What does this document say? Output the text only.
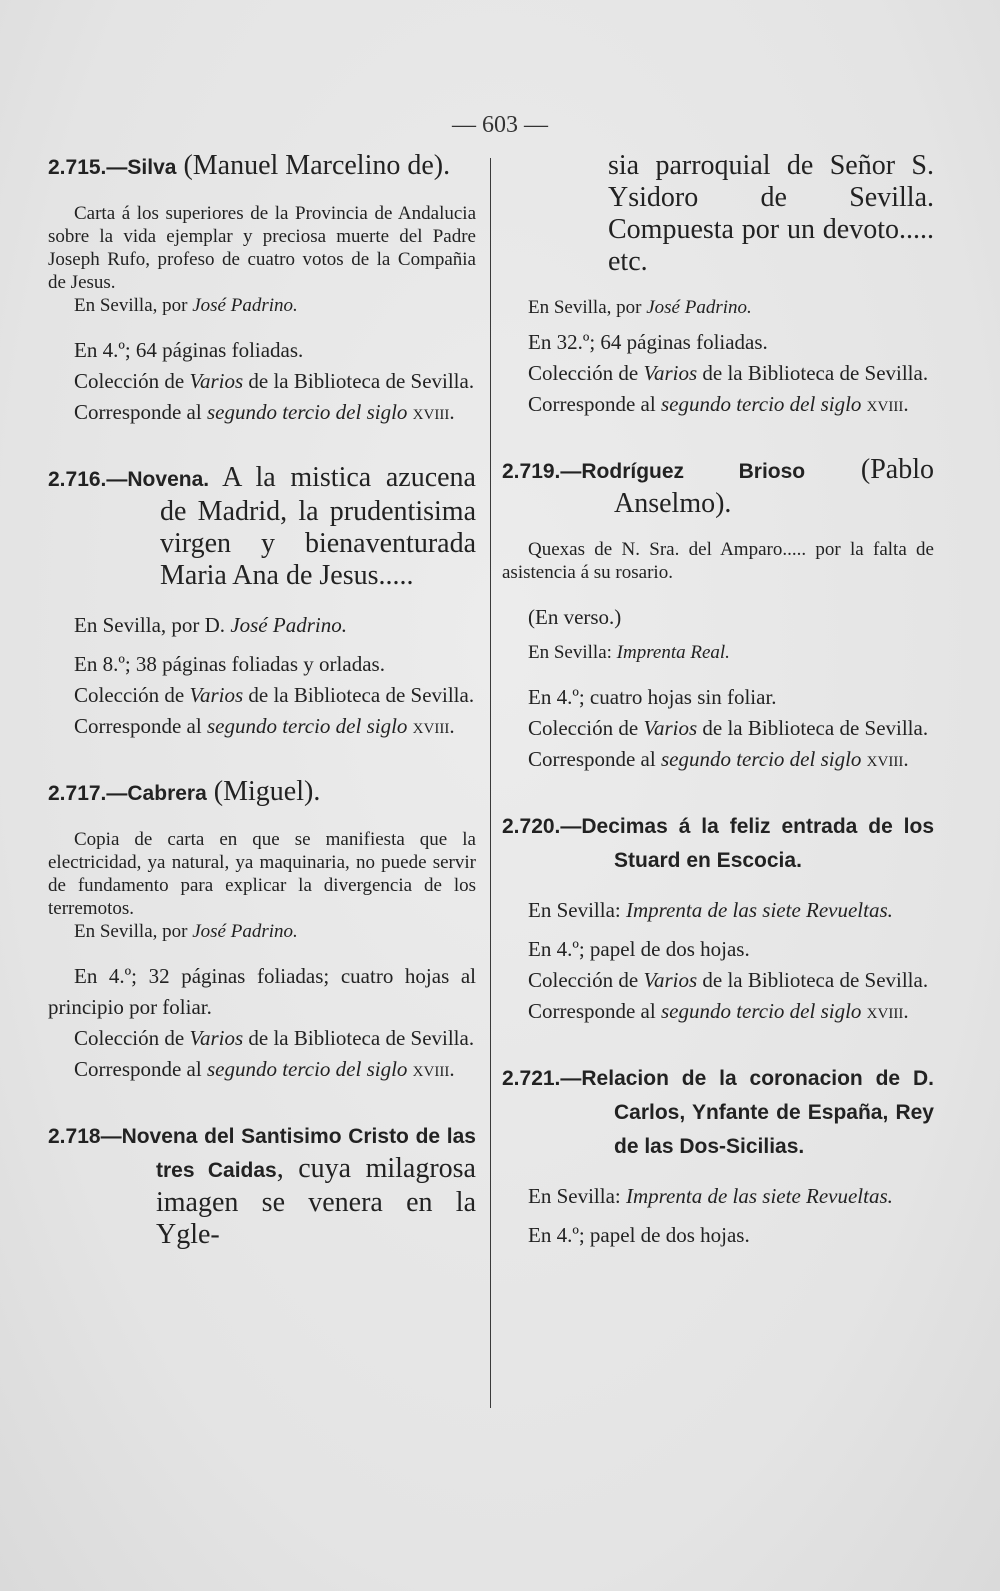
— 603 —

2.715.—Silva (Manuel Marcelino de).

Carta á los superiores de la Provincia de Andalucia sobre la vida ejemplar y preciosa muerte del Padre Joseph Rufo, profeso de cuatro votos de la Compañia de Jesus.

En Sevilla, por José Padrino.

En 4.º; 64 páginas foliadas.

Colección de Varios de la Biblioteca de Sevilla.

Corresponde al segundo tercio del siglo xviii.

2.716.—Novena. A la mistica azucena de Madrid, la prudentisima virgen y bienaventurada Maria Ana de Jesus.....

En Sevilla, por D. José Padrino.

En 8.º; 38 páginas foliadas y orladas.

Colección de Varios de la Biblioteca de Sevilla.

Corresponde al segundo tercio del siglo xviii.

2.717.—Cabrera (Miguel).

Copia de carta en que se manifiesta que la electricidad, ya natural, ya maquinaria, no puede servir de fundamento para explicar la divergencia de los terremotos.

En Sevilla, por José Padrino.

En 4.º; 32 páginas foliadas; cuatro hojas al principio por foliar.

Colección de Varios de la Biblioteca de Sevilla.

Corresponde al segundo tercio del siglo xviii.

2.718—Novena del Santisimo Cristo de las tres Caidas, cuya milagrosa imagen se venera en la Ygle-

sia parroquial de Señor S. Ysidoro de Sevilla. Compuesta por un devoto..... etc.

En Sevilla, por José Padrino.

En 32.º; 64 páginas foliadas.

Colección de Varios de la Biblioteca de Sevilla.

Corresponde al segundo tercio del siglo xviii.

2.719.—Rodríguez Brioso (Pablo Anselmo).

Quexas de N. Sra. del Amparo..... por la falta de asistencia á su rosario.

(En verso.)

En Sevilla: Imprenta Real.

En 4.º; cuatro hojas sin foliar.

Colección de Varios de la Biblioteca de Sevilla.

Corresponde al segundo tercio del siglo xviii.

2.720.—Decimas á la feliz entrada de los Stuard en Escocia.

En Sevilla: Imprenta de las siete Revueltas.

En 4.º; papel de dos hojas.

Colección de Varios de la Biblioteca de Sevilla.

Corresponde al segundo tercio del siglo xviii.

2.721.—Relacion de la coronacion de D. Carlos, Ynfante de España, Rey de las Dos-Sicilias.

En Sevilla: Imprenta de las siete Revueltas.

En 4.º; papel de dos hojas.
